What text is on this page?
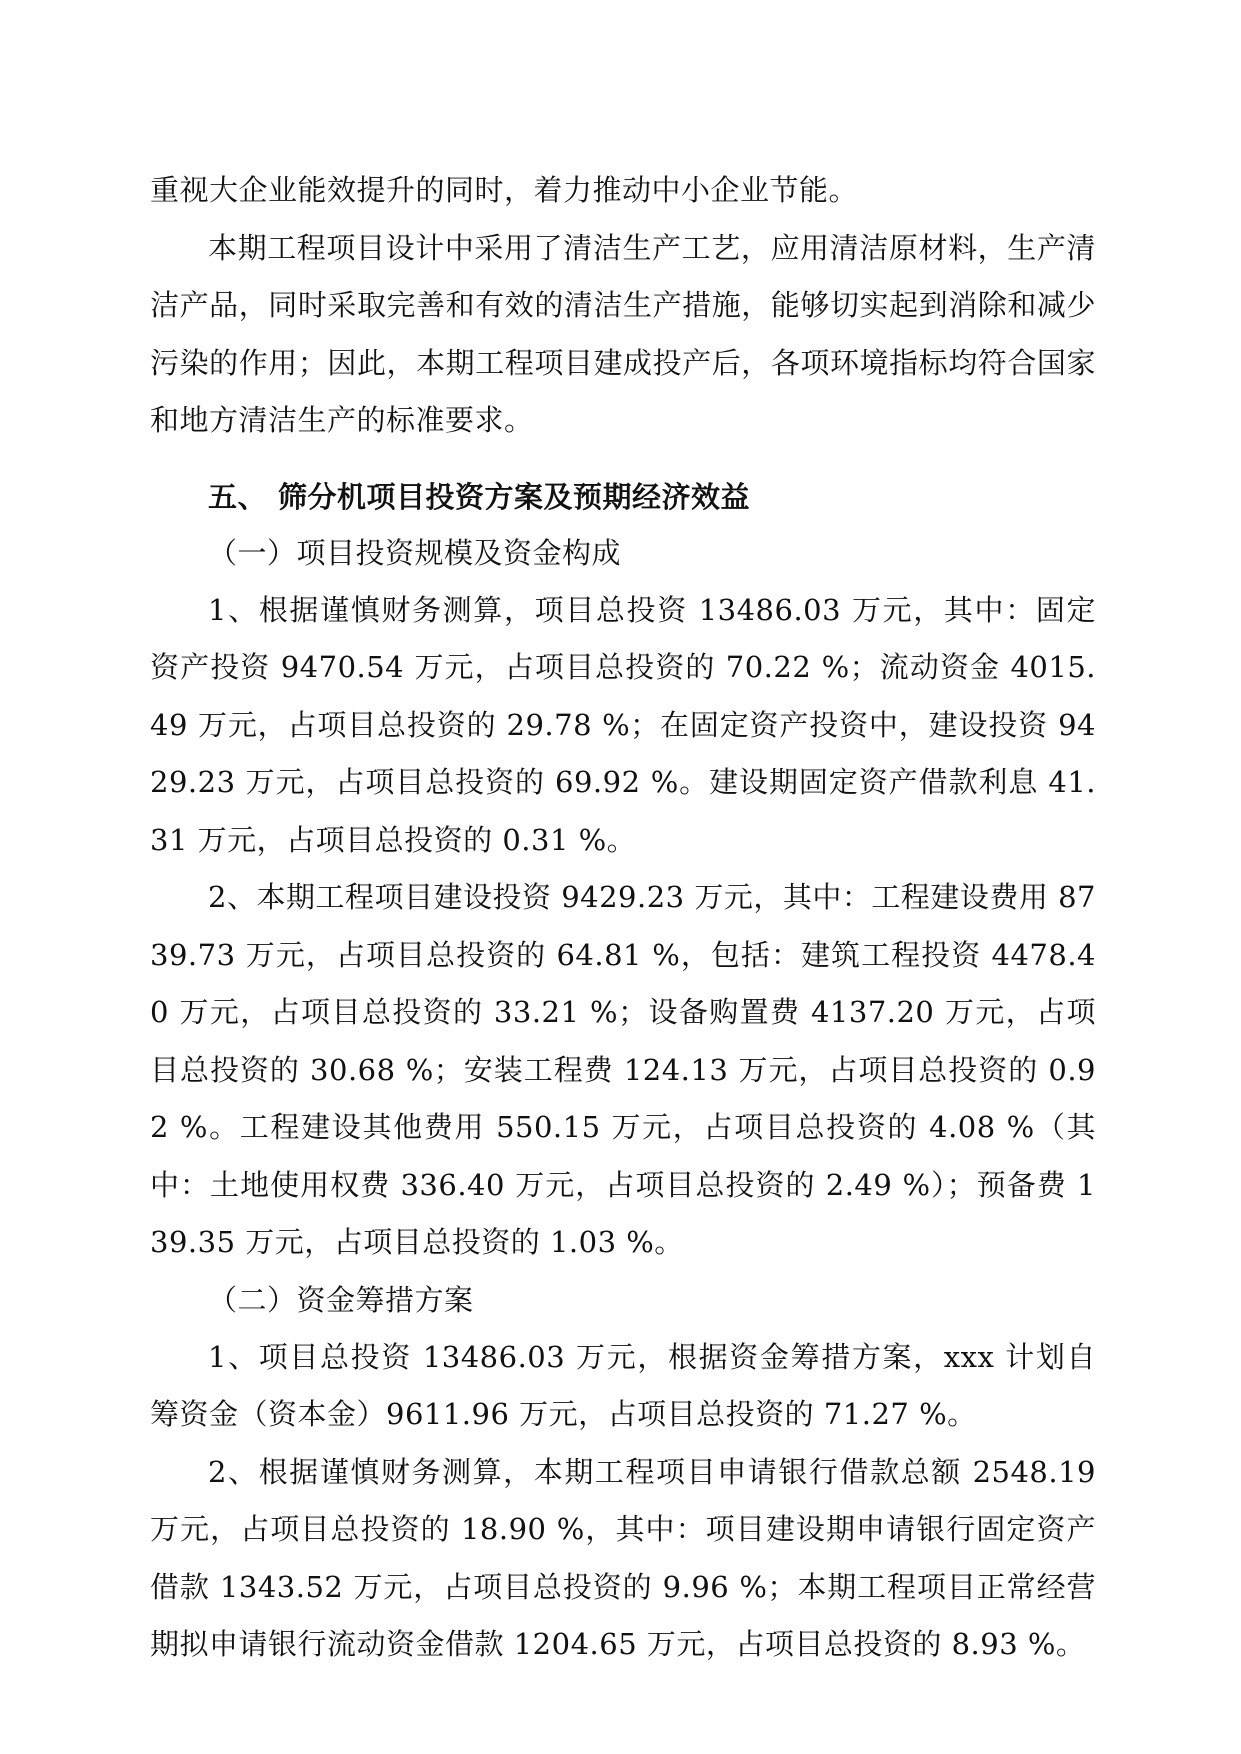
重视大企业能效提升的同时，着力推动中小企业节能。

本期工程项目设计中采用了清洁生产工艺，应用清洁原材料，生产清洁产品，同时采取完善和有效的清洁生产措施，能够切实起到消除和减少污染的作用；因此，本期工程项目建成投产后，各项环境指标均符合国家和地方清洁生产的标准要求。

五、 筛分机项目投资方案及预期经济效益

（一）项目投资规模及资金构成

1、根据谨慎财务测算，项目总投资 13486.03 万元，其中：固定资产投资 9470.54 万元，占项目总投资的 70.22 %；流动资金 4015.49 万元，占项目总投资的 29.78 %；在固定资产投资中，建设投资 9429.23 万元，占项目总投资的 69.92 %。建设期固定资产借款利息 41.31 万元，占项目总投资的 0.31 %。

2、本期工程项目建设投资 9429.23 万元，其中：工程建设费用 8739.73 万元，占项目总投资的 64.81 %，包括：建筑工程投资 4478.40 万元，占项目总投资的 33.21 %；设备购置费 4137.20 万元，占项目总投资的 30.68 %；安装工程费 124.13 万元，占项目总投资的 0.92 %。工程建设其他费用 550.15 万元，占项目总投资的 4.08 %（其中：土地使用权费 336.40 万元，占项目总投资的 2.49 %）；预备费 139.35 万元，占项目总投资的 1.03 %。

（二）资金筹措方案

1、项目总投资 13486.03 万元，根据资金筹措方案，xxx 计划自筹资金（资本金）9611.96 万元，占项目总投资的 71.27 %。

2、根据谨慎财务测算，本期工程项目申请银行借款总额 2548.19 万元，占项目总投资的 18.90 %，其中：项目建设期申请银行固定资产借款 1343.52 万元，占项目总投资的 9.96 %；本期工程项目正常经营期拟申请银行流动资金借款 1204.65 万元，占项目总投资的 8.93 %。
